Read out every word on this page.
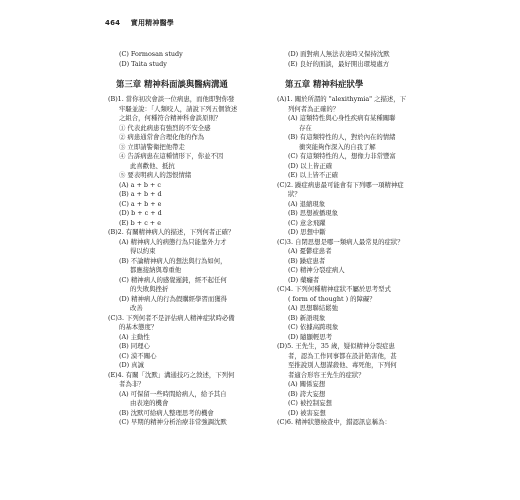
464 實用精神醫學
(C) Formosan study
(D) Taita study
第三章 精神科面談與醫病溝通
(B)1. 當你初次會談一位病患，而他即對你發
牢騷並說：「人類咬人，請說下列五個敘述
之組合，何種符合精神科會談原則？
① 代表此病患有強烈的不安全感
② 病患通常會合理化他的作為
③ 立即請警衛把他帶走
④ 告訴病患在這種情形下，你並不因
此喜歡他、抵抗
⑤ 要表明病人的怨恨情緒
(A) a + b + c
(B) a + b + d
(C) a + b + e
(D) b + c + d
(E) b + c + e
(B)2. 有關精神病人的描述，下列何者正確？
(A) 精神病人的病態行為只能靠外力才
得以約束
(B) 不論精神病人的想法與行為如何，
都應接納與尊重他
(C) 精神病人的感覺遲鈍，經不起任何
的失敗與挫折
(D) 精神病人的行為假購經學習而獲得
改善
(C)3. 下列何者不是評估病人精神症狀時必備
的基本態度？
(A) 主動性
(B) 同理心
(C) 漠不關心
(D) 真誠
(E)4. 有關「沈默」溝通技巧之敘述，下列何
者為非？
(A) 可保留一些時間給病人，給予其自
由表達的機會
(B) 沈默可給病人整理思考的機會
(C) 早期的精神分析治療非常強調沈默
(D) 面對病人無法表達時又保持沈默
(E) 良好的面談，最好開出環境處方
第五章 精神科症狀學
(A)1. 關於所謂的 "alexithymia" 之描述，下
列何者為正確的？
(A) 這類特性與心身性疾病有某種關聯
存在
(B) 有這類特性的人，對於內在的情緒
衝突能夠作深入的自我了解
(C) 有這類特性的人，想像力非常豐富
(D) 以上皆正確
(E) 以上皆不正確
(C)2. 躁症病患最可能會有下列哪一項精神症
狀？
(A) 退縮現象
(B) 思想被播現象
(C) 意念飛躍
(D) 思想中斷
(C)3. 自閉思想是哪一類病人最常見的症狀？
(A) 憂鬱症患者
(B) 躁症患者
(C) 精神分裂症病人
(D) 藥癮者
(C)4. 下列何種精神症狀不屬於思考型式
( form of thought ) 的障礙？
(A) 思想聯結鬆弛
(B) 新語現象
(C) 依據高跨現象
(D) 隨顯輕思考
(D)5. 王先生，35 歲，疑似精神分裂症患
者，認為工作同事都在設計陷害他，甚
至推說別人想謀殺他、毒死他，下列何
者適合形容王先生的症狀？
(A) 關係妄想
(B) 誇大妄想
(C) 被控制妄想
(D) 被害妄想
(C)6. 精神狀態檢查中，錯認訊息稱為：
